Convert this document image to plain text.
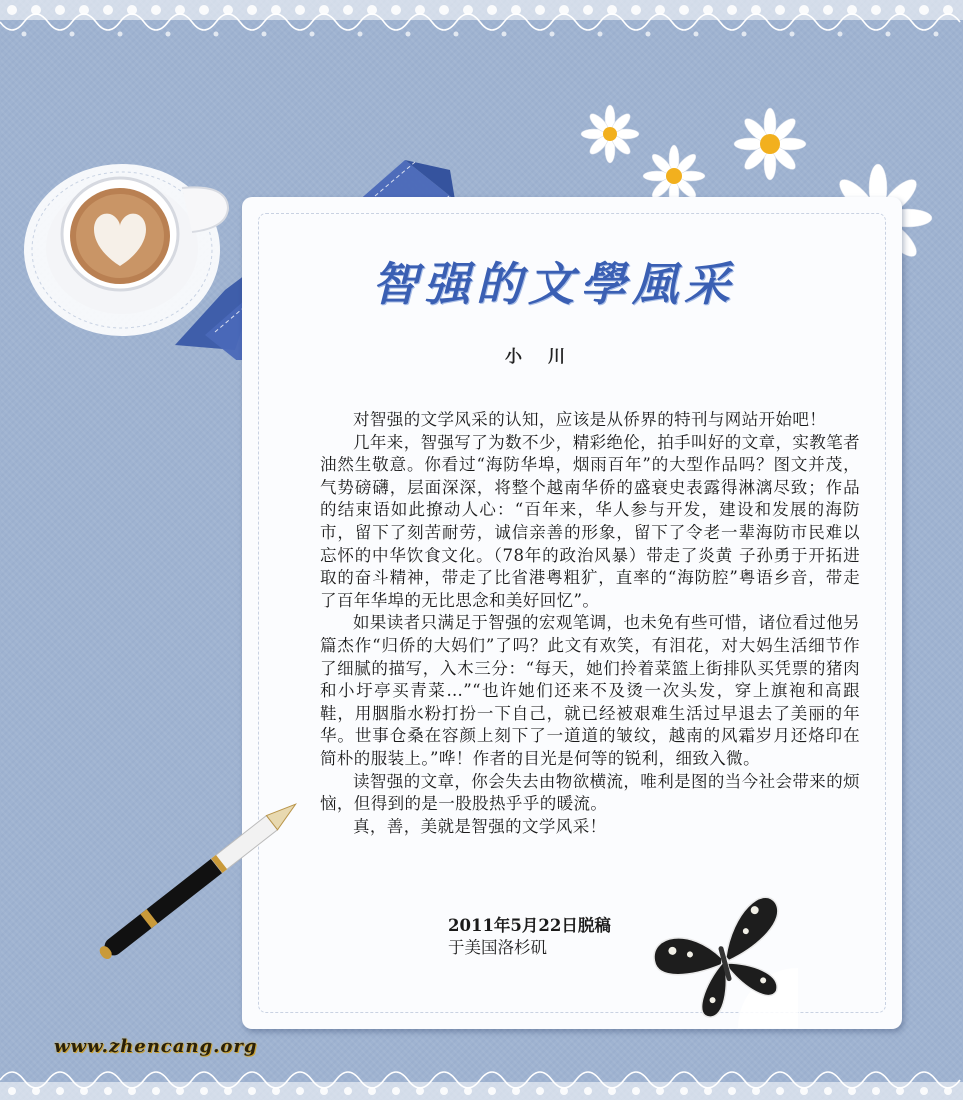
智强的文學風采
小 川

对智强的文学风采的认知，应该是从侨界的特刊与网站开始吧！

几年来，智强写了为数不少，精彩绝伦，拍手叫好的文章，实教笔者油然生敬意。你看过“海防华埠，烟雨百年”的大型作品吗？图文并茂，气势磅礴，层面深深，将整个越南华侨的盛衰史表露得淋漓尽致；作品的结束语如此撩动人心：“百年来，华人参与开发，建设和发展的海防市，留下了刻苦耐劳，诚信亲善的形象，留下了令老一辈海防市民难以忘怀的中华饮食文化。（78年的政治风暴）带走了炎黄 子孙勇于开拓进取的奋斗精神，带走了比省港粤粗犷，直率的“海防腔”粤语乡音，带走了百年华埠的无比思念和美好回忆”。

如果读者只满足于智强的宏观笔调，也未免有些可惜，诸位看过他另篇杰作“归侨的大妈们”了吗？此文有欢笑，有泪花，对大妈生活细节作了细腻的描写，入木三分：“每天，她们拎着菜篮上街排队买凭票的猪肉和小圩亭买青菜…”“也许她们还来不及烫一次头发，穿上旗袍和高跟鞋，用胭脂水粉打扮一下自己，就已经被艰难生活过早退去了美丽的年华。世事仓桑在容颜上刻下了一道道的皱纹，越南的风霜岁月还烙印在简朴的服装上。”哗！作者的目光是何等的锐利，细致入微。

读智强的文章，你会失去由物欲横流，唯利是图的当今社会带来的烦恼，但得到的是一股股热乎乎的暖流。

真，善，美就是智强的文学风采！

2011年5月22日脱稿
于美国洛杉矶
www.zhencang.org
